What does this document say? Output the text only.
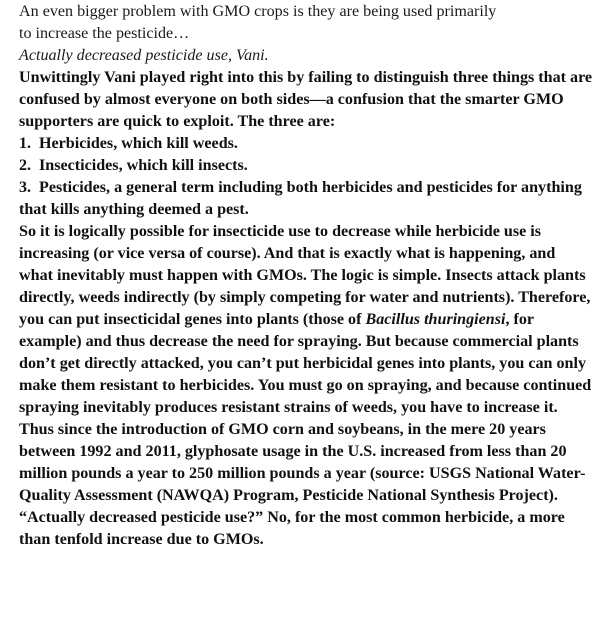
An even bigger problem with GMO crops is they are being used primarily
to increase the pesticide…

Actually decreased pesticide use, Vani.

Unwittingly Vani played right into this by failing to distinguish three things that are confused by almost everyone on both sides—a confusion that the smarter GMO supporters are quick to exploit. The three are:

1. Herbicides, which kill weeds.

2. Insecticides, which kill insects.

3. Pesticides, a general term including both herbicides and pesticides for anything that kills anything deemed a pest.

So it is logically possible for insecticide use to decrease while herbicide use is increasing (or vice versa of course). And that is exactly what is happening, and what inevitably must happen with GMOs. The logic is simple. Insects attack plants directly, weeds indirectly (by simply competing for water and nutrients). Therefore, you can put insecticidal genes into plants (those of Bacillus thuringiensi, for example) and thus decrease the need for spraying. But because commercial plants don’t get directly attacked, you can’t put herbicidal genes into plants, you can only make them resistant to herbicides. You must go on spraying, and because continued spraying inevitably produces resistant strains of weeds, you have to increase it. Thus since the introduction of GMO corn and soybeans, in the mere 20 years between 1992 and 2011, glyphosate usage in the U.S. increased from less than 20 million pounds a year to 250 million pounds a year (source: USGS National Water-Quality Assessment (NAWQA) Program, Pesticide National Synthesis Project). “Actually decreased pesticide use?” No, for the most common herbicide, a more than tenfold increase due to GMOs.
